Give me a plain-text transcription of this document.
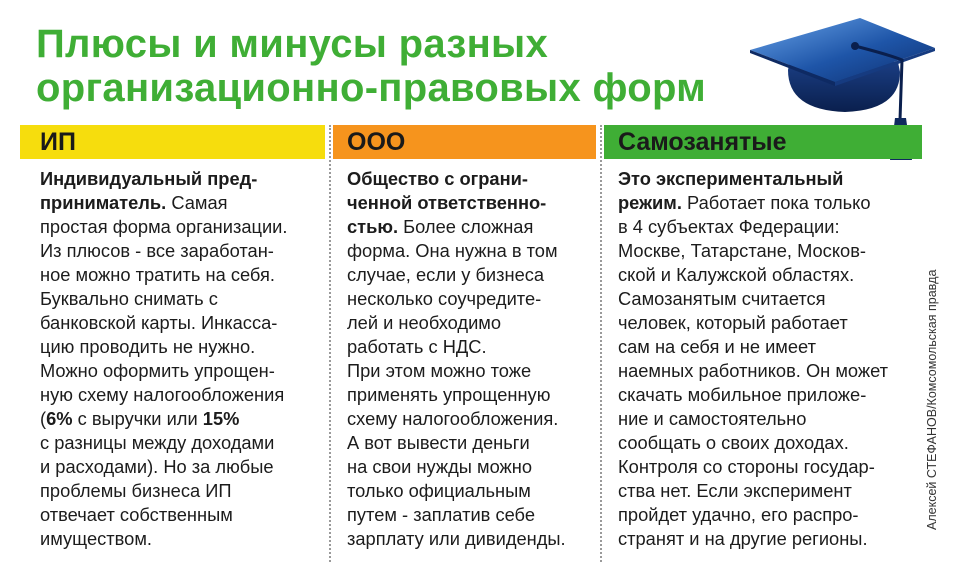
Плюсы и минусы разных
организационно-правовых форм
ИП
Индивидуальный пред-
приниматель. Самая
простая форма организации.
Из плюсов - все заработан-
ное можно тратить на себя.
Буквально снимать с
банковской карты. Инкасса-
цию проводить не нужно.
Можно оформить упрощен-
ную схему налогообложения
(6% с выручки или 15%
с разницы между доходами
и расходами). Но за любые
проблемы бизнеса ИП
отвечает собственным
имуществом.
ООО
Общество с ограни-
ченной ответственно-
стью. Более сложная
форма. Она нужна в том
случае, если у бизнеса
несколько соучредите-
лей и необходимо
работать с НДС.
При этом можно тоже
применять упрощенную
схему налогообложения.
А вот вывести деньги
на свои нужды можно
только официальным
путем - заплатив себе
зарплату или дивиденды.
Самозанятые
Это экспериментальный
режим. Работает пока только
в 4 субъектах Федерации:
Москве, Татарстане, Москов-
ской и Калужской областях.
Самозанятым считается
человек, который работает
сам на себя и не имеет
наемных работников. Он может
скачать мобильное приложе-
ние и самостоятельно
сообщать о своих доходах.
Контроля со стороны государ-
ства нет. Если эксперимент
пройдет удачно, его распро-
странят и на другие регионы.
Алексей СТЕФАНОВ/Комсомольская правда
